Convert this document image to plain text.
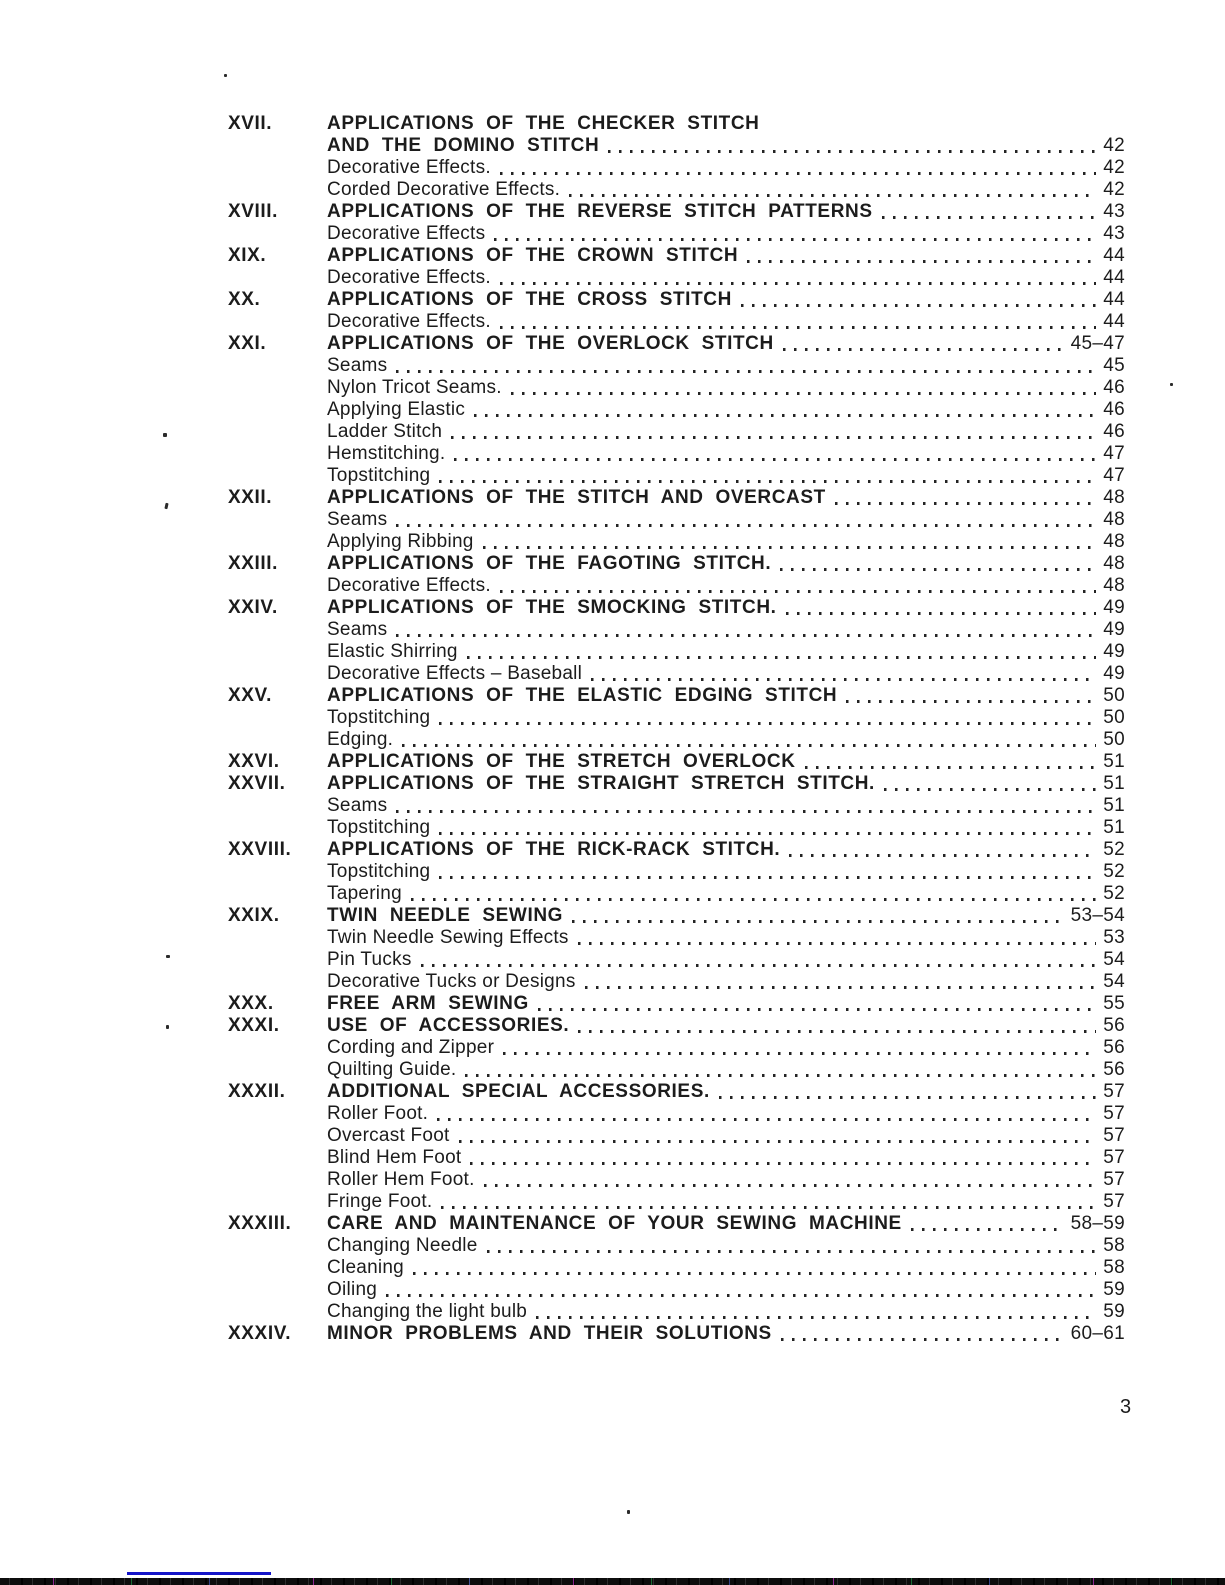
XVII.	APPLICATIONS OF THE CHECKER STITCH
AND THE DOMINO STITCH	42
Decorative Effects.	42
Corded Decorative Effects.	42
XVIII.	APPLICATIONS OF THE REVERSE STITCH PATTERNS	43
Decorative Effects	43
XIX.	APPLICATIONS OF THE CROWN STITCH	44
Decorative Effects.	44
XX.	APPLICATIONS OF THE CROSS STITCH	44
Decorative Effects.	44
XXI.	APPLICATIONS OF THE OVERLOCK STITCH	45–47
Seams	45
Nylon Tricot Seams.	46
Applying Elastic	46
Ladder Stitch	46
Hemstitching.	47
Topstitching	47
XXII.	APPLICATIONS OF THE STITCH AND OVERCAST	48
Seams	48
Applying Ribbing	48
XXIII.	APPLICATIONS OF THE FAGOTING STITCH.	48
Decorative Effects.	48
XXIV.	APPLICATIONS OF THE SMOCKING STITCH.	49
Seams	49
Elastic Shirring	49
Decorative Effects – Baseball	49
XXV.	APPLICATIONS OF THE ELASTIC EDGING STITCH	50
Topstitching	50
Edging.	50
XXVI.	APPLICATIONS OF THE STRETCH OVERLOCK	51
XXVII.	APPLICATIONS OF THE STRAIGHT STRETCH STITCH.	51
Seams	51
Topstitching	51
XXVIII.	APPLICATIONS OF THE RICK-RACK STITCH.	52
Topstitching	52
Tapering	52
XXIX.	TWIN NEEDLE SEWING	53–54
Twin Needle Sewing Effects	53
Pin Tucks	54
Decorative Tucks or Designs	54
XXX.	FREE ARM SEWING	55
XXXI.	USE OF ACCESSORIES.	56
Cording and Zipper	56
Quilting Guide.	56
XXXII.	ADDITIONAL SPECIAL ACCESSORIES.	57
Roller Foot.	57
Overcast Foot	57
Blind Hem Foot	57
Roller Hem Foot.	57
Fringe Foot.	57
XXXIII.	CARE AND MAINTENANCE OF YOUR SEWING MACHINE	58–59
Changing Needle	58
Cleaning	58
Oiling	59
Changing the light bulb	59
XXXIV.	MINOR PROBLEMS AND THEIR SOLUTIONS	60–61
3
